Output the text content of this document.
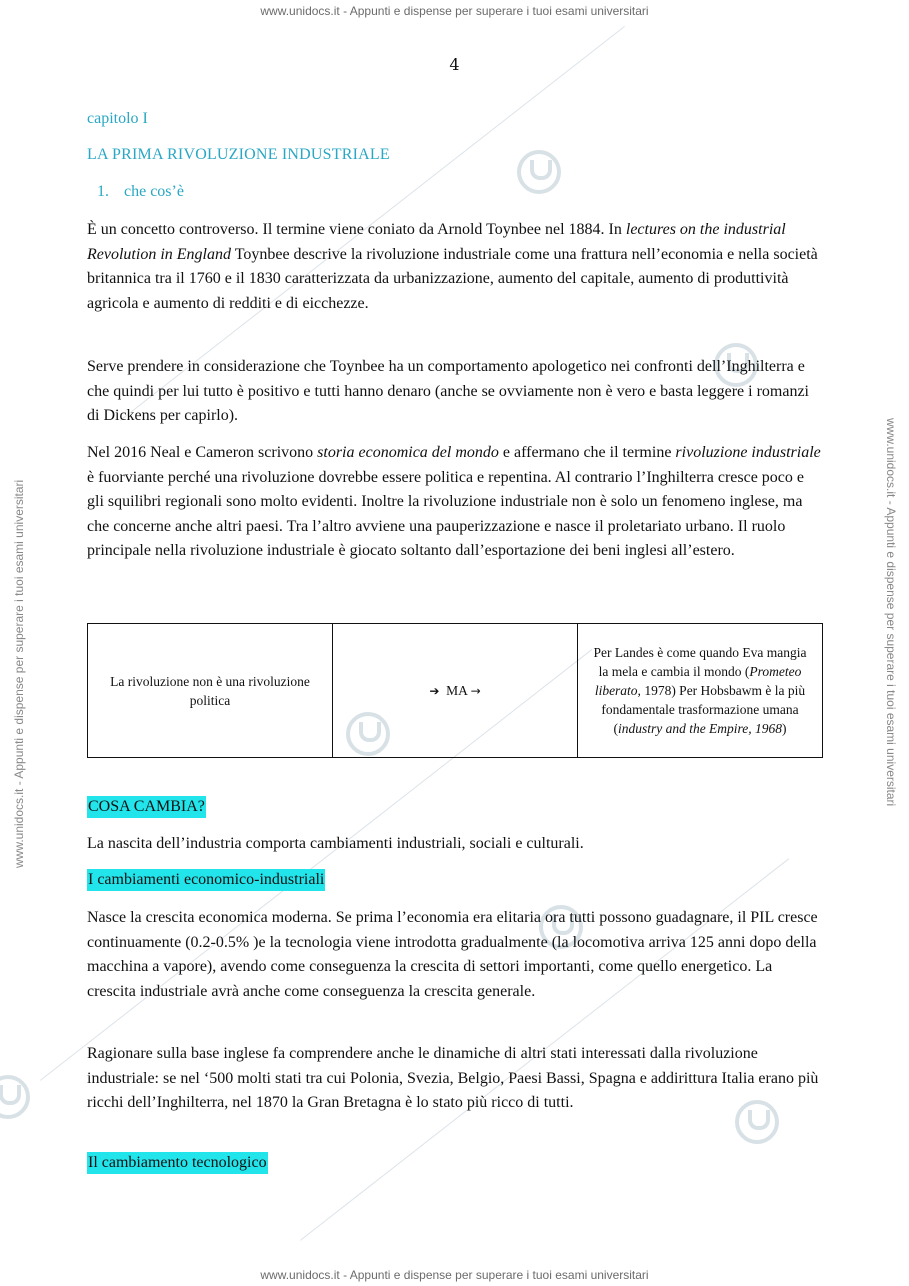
www.unidocs.it - Appunti e dispense per superare i tuoi esami universitari
www.unidocs.it - Appunti e dispense per superare i tuoi esami universitari
www.unidocs.it - Appunti e dispense per superare i tuoi esami universitari	www.unidocs.it - Appunti e dispense per superare i tuoi esami universitari
4
capitolo I
LA PRIMA RIVOLUZIONE INDUSTRIALE
1. che cos’è

È un concetto controverso. Il termine viene coniato da Arnold Toynbee nel 1884. In lectures on the industrial Revolution in England Toynbee descrive la rivoluzione industriale come una frattura nell’economia e nella società britannica tra il 1760 e il 1830 caratterizzata da urbanizzazione, aumento del capitale, aumento di produttività agricola e aumento di redditi e di eicchezze.

Serve prendere in considerazione che Toynbee ha un comportamento apologetico nei confronti dell’Inghilterra e che quindi per lui tutto è positivo e tutti hanno denaro (anche se ovviamente non è vero e basta leggere i romanzi di Dickens per capirlo).

Nel 2016 Neal e Cameron scrivono storia economica del mondo e affermano che il termine rivoluzione industriale è fuorviante perché una rivoluzione dovrebbe essere politica e repentina. Al contrario l’Inghilterra cresce poco e gli squilibri regionali sono molto evidenti. Inoltre la rivoluzione industriale non è solo un fenomeno inglese, ma che concerne anche altri paesi. Tra l’altro avviene una pauperizzazione e nasce il proletariato urbano. Il ruolo principale nella rivoluzione industriale è giocato soltanto dall’esportazione dei beni inglesi all’estero.

La rivoluzione non è una rivoluzione politica	➔ MA →	Per Landes è come quando Eva mangia la mela e cambia il mondo (Prometeo liberato, 1978) Per Hobsbawm è la più fondamentale trasformazione umana (industry and the Empire, 1968)
COSA CAMBIA?

La nascita dell’industria comporta cambiamenti industriali, sociali e culturali.

I cambiamenti economico-industriali

Nasce la crescita economica moderna. Se prima l’economia era elitaria ora tutti possono guadagnare, il PIL cresce continuamente (0.2-0.5% )e la tecnologia viene introdotta gradualmente (la locomotiva arriva 125 anni dopo della macchina a vapore), avendo come conseguenza la crescita di settori importanti, come quello energetico. La crescita industriale avrà anche come conseguenza la crescita generale.

Ragionare sulla base inglese fa comprendere anche le dinamiche di altri stati interessati dalla rivoluzione industriale: se nel ‘500 molti stati tra cui Polonia, Svezia, Belgio, Paesi Bassi, Spagna e addirittura Italia erano più ricchi dell’Inghilterra, nel 1870 la Gran Bretagna è lo stato più ricco di tutti.

Il cambiamento tecnologico
